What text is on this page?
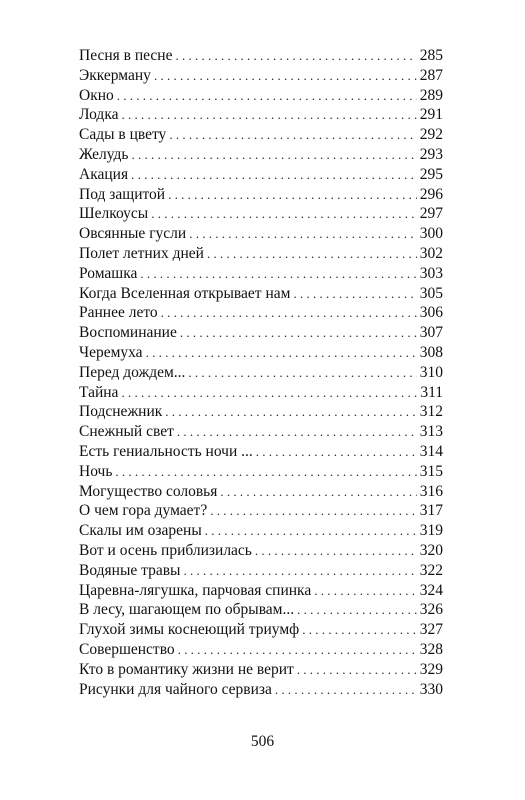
Песня в песне . . .	285
Эккерману . . .	287
Окно . . .	289
Лодка . . .	291
Сады в цвету . . .	292
Желудь . . .	293
Акация . . .	295
Под защитой . . .	296
Шелкоусы . . .	297
Овсянные гусли . . .	300
Полет летних дней . . .	302
Ромашка . . .	303
Когда Вселенная открывает нам . . .	305
Раннее лето . . .	306
Воспоминание . . .	307
Черемуха . . .	308
Перед дождем... . . .	310
Тайна . . .	311
Подснежник . . .	312
Снежный свет . . .	313
Есть гениальность ночи ... . . .	314
Ночь . . .	315
Могущество соловья . . .	316
О чем гора думает? . . .	317
Скалы им озарены . . .	319
Вот и осень приблизилась . . .	320
Водяные травы . . .	322
Царевна-лягушка, парчовая спинка . . .	324
В лесу, шагающем по обрывам... . . .	326
Глухой зимы коснеющий триумф . . .	327
Совершенство . . .	328
Кто в романтику жизни не верит . . .	329
Рисунки для чайного сервиза . . .	330
506
